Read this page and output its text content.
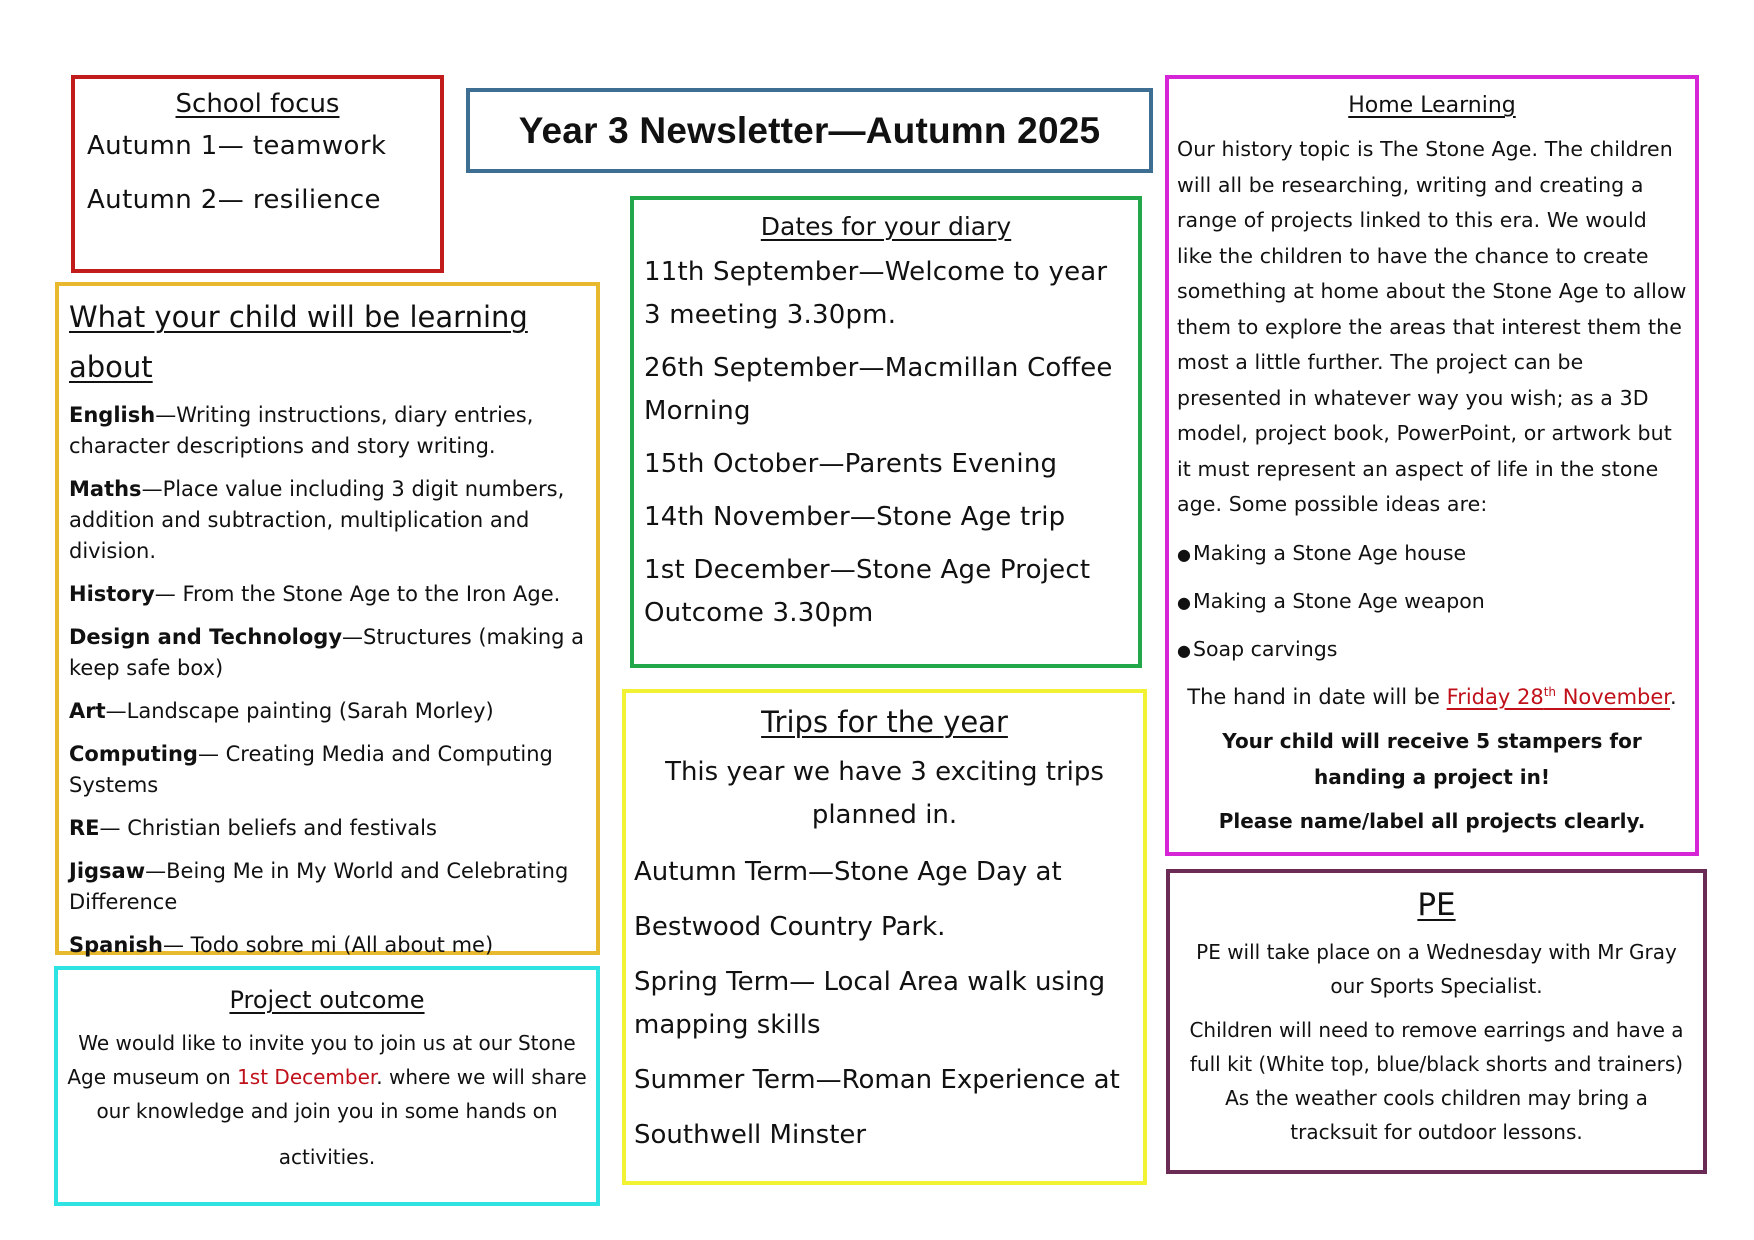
School focus
Autumn 1— teamwork
Autumn 2— resilience
Year 3 Newsletter—Autumn 2025
Home Learning

Our history topic is The Stone Age. The children will all be researching, writing and creating a range of projects linked to this era. We would like the children to have the chance to create something at home about the Stone Age to allow them to explore the areas that interest them the most a little further. The project can be presented in whatever way you wish; as a 3D model, project book, PowerPoint, or artwork but it must represent an aspect of life in the stone age. Some possible ideas are:

●Making a Stone Age house
●Making a Stone Age weapon
●Soap carvings
The hand in date will be Friday 28th November.

Your child will receive 5 stampers for handing a project in!

Please name/label all projects clearly.

What your child will be learning about
English—Writing instructions, diary entries, character descriptions and story writing.
Maths—Place value including 3 digit numbers, addition and subtraction, multiplication and division.
History— From the Stone Age to the Iron Age.
Design and Technology—Structures (making a keep safe box)
Art—Landscape painting (Sarah Morley)
Computing— Creating Media and Computing Systems
RE— Christian beliefs and festivals
Jigsaw—Being Me in My World and Celebrating Difference
Spanish— Todo sobre mi (All about me)
Project outcome

We would like to invite you to join us at our Stone Age museum on 1st December. where we will share our knowledge and join you in some hands on

activities.

Dates for your diary
11th September—Welcome to year 3 meeting 3.30pm.
26th September—Macmillan Coffee Morning
15th October—Parents Evening
14th November—Stone Age trip
1st December—Stone Age Project Outcome 3.30pm
Trips for the year
This year we have 3 exciting trips planned in.
Autumn Term—Stone Age Day at
Bestwood Country Park.
Spring Term— Local Area walk using mapping skills
Summer Term—Roman Experience at
Southwell Minster
PE

PE will take place on a Wednesday with Mr Gray our Sports Specialist.

Children will need to remove earrings and have a full kit (White top, blue/black shorts and trainers) As the weather cools children may bring a tracksuit for outdoor lessons.
